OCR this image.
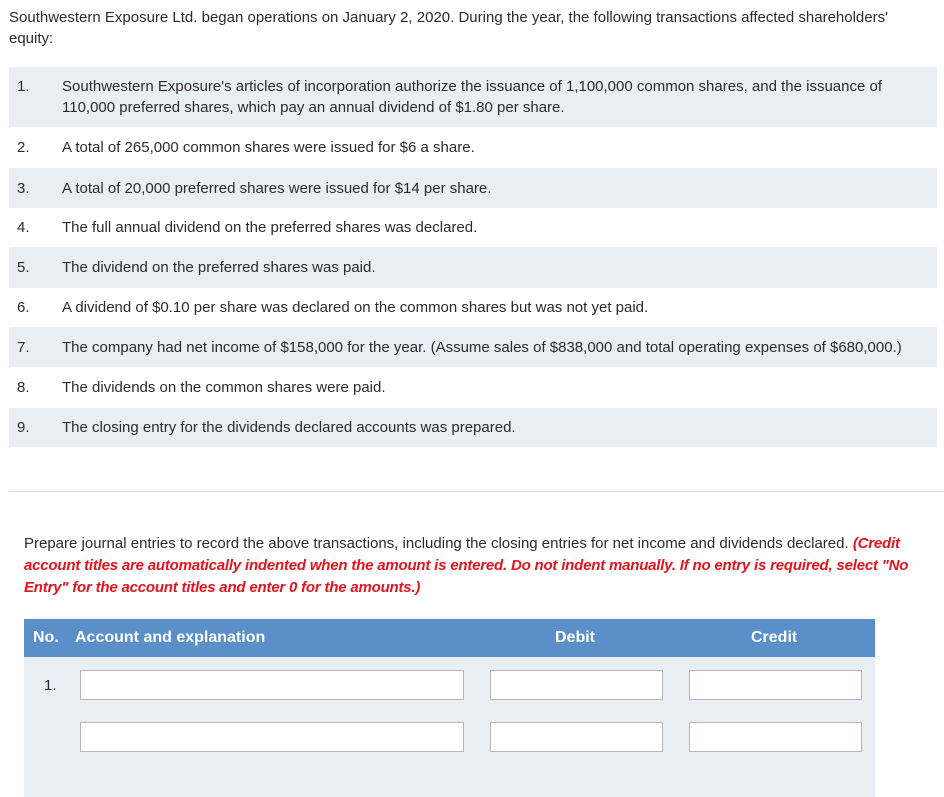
Southwestern Exposure Ltd. began operations on January 2, 2020. During the year, the following transactions affected shareholders' equity:
1.	Southwestern Exposure's articles of incorporation authorize the issuance of 1,100,000 common shares, and the issuance of 110,000 preferred shares, which pay an annual dividend of $1.80 per share.
2.	A total of 265,000 common shares were issued for $6 a share.
3.	A total of 20,000 preferred shares were issued for $14 per share.
4.	The full annual dividend on the preferred shares was declared.
5.	The dividend on the preferred shares was paid.
6.	A dividend of $0.10 per share was declared on the common shares but was not yet paid.
7.	The company had net income of $158,000 for the year. (Assume sales of $838,000 and total operating expenses of $680,000.)
8.	The dividends on the common shares were paid.
9.	The closing entry for the dividends declared accounts was prepared.
Prepare journal entries to record the above transactions, including the closing entries for net income and dividends declared. (Credit account titles are automatically indented when the amount is entered. Do not indent manually. If no entry is required, select "No Entry" for the account titles and enter 0 for the amounts.)
No. Account and explanation	Debit	Credit
1.
